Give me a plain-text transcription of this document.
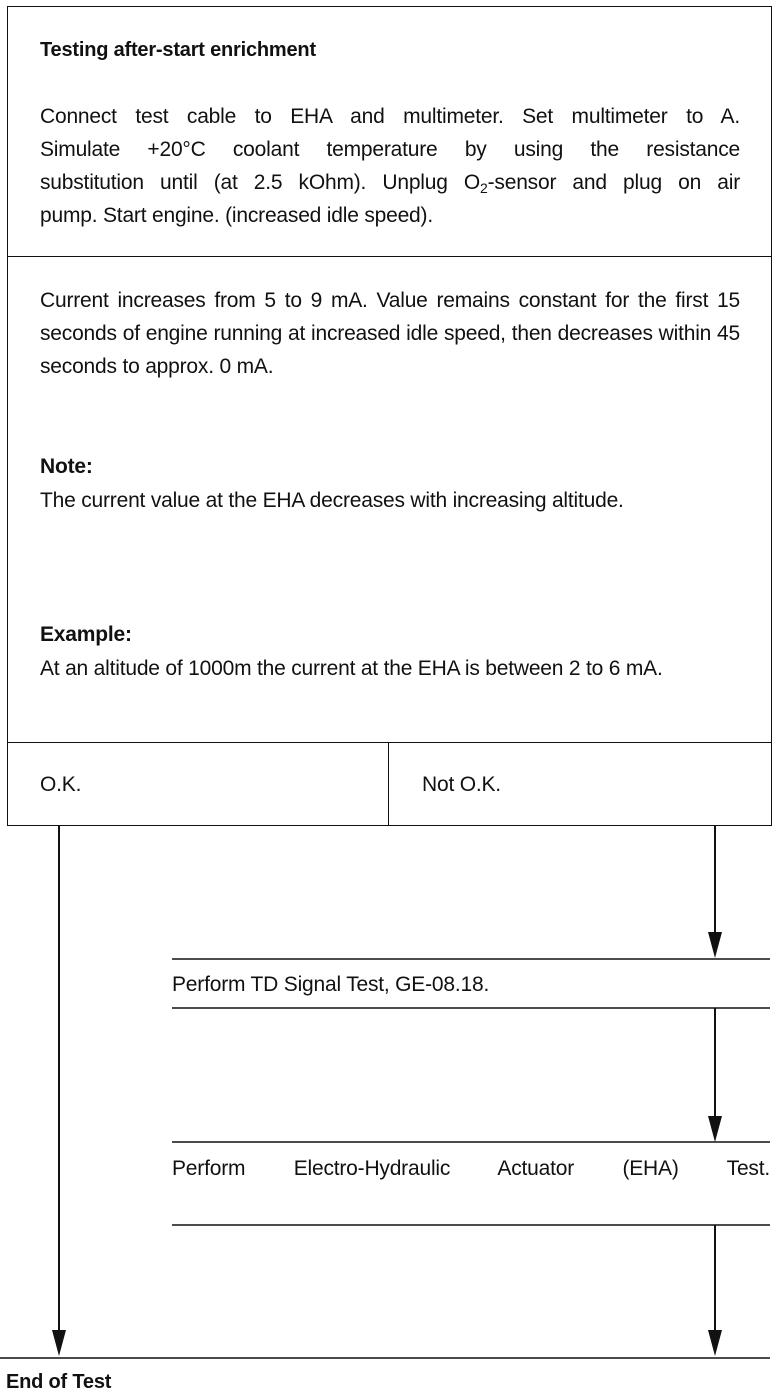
Testing after-start enrichment
Connect test cable to EHA and multimeter. Set multimeter to A.
Simulate +20°C coolant temperature by using the resistance
substitution until (at 2.5 kOhm). Unplug $O_2$-sensor and plug on air
pump. Start engine. (increased idle speed).
Current increases from 5 to 9 mA. Value remains constant for the first 15 seconds of engine running at increased idle speed, then decreases within 45 seconds to approx. 0 mA.
Note:
The current value at the EHA decreases with increasing altitude.
Example:
At an altitude of 1000m the current at the EHA is between 2 to 6 mA.
O.K.	Not O.K.
Perform TD Signal Test, GE-08.18.
Perform Electro-Hydraulic Actuator (EHA) Test.
End of Test
